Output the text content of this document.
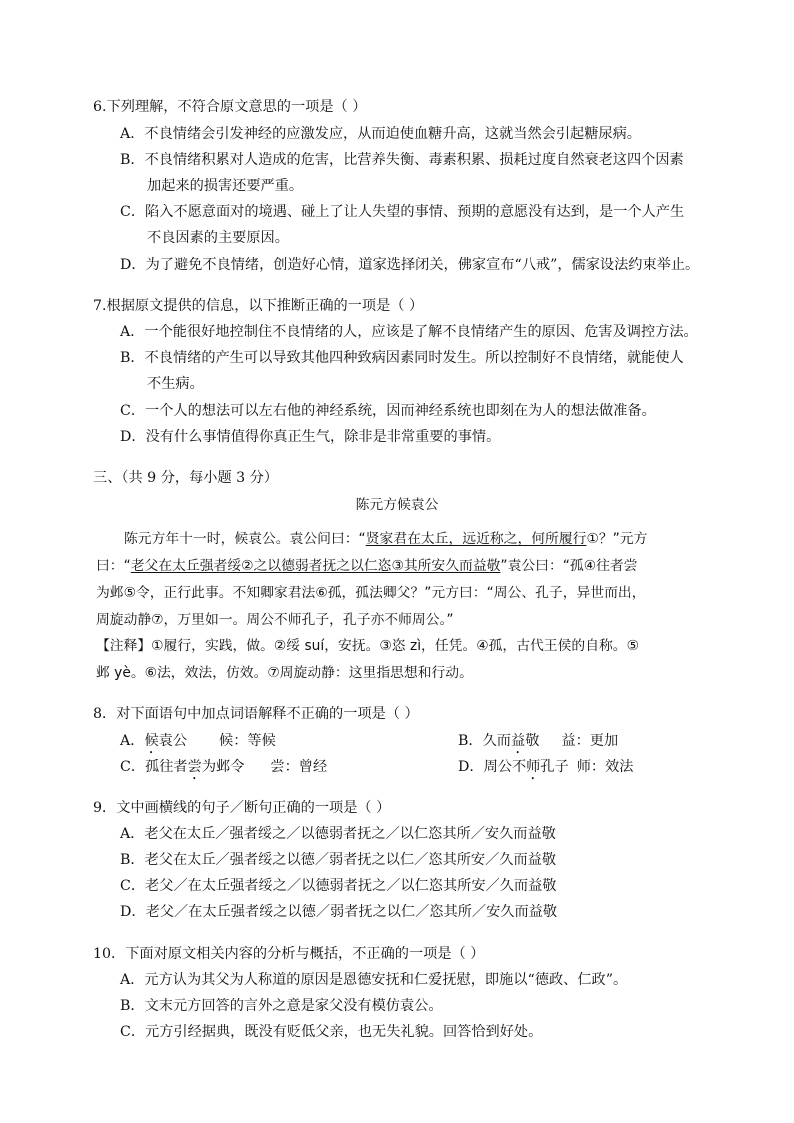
6.下列理解，不符合原文意思的一项是（ ）
A．不良情绪会引发神经的应激发应，从而迫使血糖升高，这就当然会引起糖尿病。
B．不良情绪积累对人造成的危害，比营养失衡、毒素积累、损耗过度自然衰老这四个因素
加起来的损害还要严重。
C．陷入不愿意面对的境遇、碰上了让人失望的事情、预期的意愿没有达到，是一个人产生
不良因素的主要原因。
D．为了避免不良情绪，创造好心情，道家选择闭关，佛家宣布“八戒”，儒家设法约束举止。
7.根据原文提供的信息，以下推断正确的一项是（ ）
A．一个能很好地控制住不良情绪的人，应该是了解不良情绪产生的原因、危害及调控方法。
B．不良情绪的产生可以导致其他四种致病因素同时发生。所以控制好不良情绪，就能使人
不生病。
C．一个人的想法可以左右他的神经系统，因而神经系统也即刻在为人的想法做准备。
D．没有什么事情值得你真正生气，除非是非常重要的事情。
三、（共 9 分，每小题 3 分）
陈元方候袁公
陈元方年十一时，候袁公。袁公问曰：“贤家君在太丘，远近称之，何所履行①？”元方
曰：“老父在太丘强者绥②之以德弱者抚之以仁恣③其所安久而益敬”袁公曰：“孤④往者尝
为邺⑤令，正行此事。不知卿家君法⑥孤，孤法卿父？”元方曰：“周公、孔子，异世而出，
周旋动静⑦，万里如一。周公不师孔子，孔子亦不师周公。”
【注释】①履行，实践，做。②绥 suí，安抚。③恣 zì，任凭。④孤，古代王侯的自称。⑤
邺 yè。⑥法，效法，仿效。⑦周旋动静：这里指思想和行动。
8．对下面语句中加点词语解释不正确的一项是（ ）
A．候袁公 候：等候	B．久而益敬 益：更加
C．孤往者尝为邺令 尝：曾经	D．周公不师孔子 师：效法
9．文中画横线的句子／断句正确的一项是（ ）
A．老父在太丘／强者绥之／以德弱者抚之／以仁恣其所／安久而益敬
B．老父在太丘／强者绥之以德／弱者抚之以仁／恣其所安／久而益敬
C．老父／在太丘强者绥之／以德弱者抚之／以仁恣其所安／久而益敬
D．老父／在太丘强者绥之以德／弱者抚之以仁／恣其所／安久而益敬
10．下面对原文相关内容的分析与概括，不正确的一项是（ ）
A．元方认为其父为人称道的原因是恩德安抚和仁爱抚慰，即施以“德政、仁政”。
B．文末元方回答的言外之意是家父没有模仿袁公。
C．元方引经据典，既没有贬低父亲，也无失礼貌。回答恰到好处。
